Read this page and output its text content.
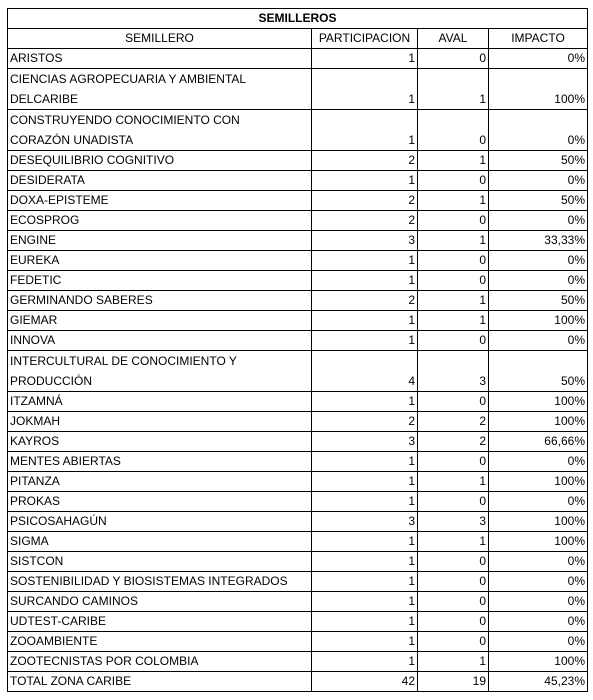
SEMILLEROS			
SEMILLERO	PARTICIPACION	AVAL	IMPACTO
ARISTOS	1	0	0%

CIENCIAS AGROPECUARIA Y AMBIENTAL
DELCARIBE	1	1	100%

CONSTRUYENDO CONOCIMIENTO CON
CORAZÓN UNADISTA	1	0	0%
DESEQUILIBRIO COGNITIVO	2	1	50%
DESIDERATA	1	0	0%
DOXA-EPISTEME	2	1	50%
ECOSPROG	2	0	0%
ENGINE	3	1	33,33%
EUREKA	1	0	0%
FEDETIC	1	0	0%
GERMINANDO SABERES	2	1	50%
GIEMAR	1	1	100%
INNOVA	1	0	0%

INTERCULTURAL DE CONOCIMIENTO Y
PRODUCCIÓN	4	3	50%
ITZAMNÁ	1	0	100%
JOKMAH	2	2	100%
KAYROS	3	2	66,66%
MENTES ABIERTAS	1	0	0%
PITANZA	1	1	100%
PROKAS	1	0	0%
PSICOSAHAGÚN	3	3	100%
SIGMA	1	1	100%
SISTCON	1	0	0%
SOSTENIBILIDAD Y BIOSISTEMAS INTEGRADOS	1	0	0%
SURCANDO CAMINOS	1	0	0%
UDTEST-CARIBE	1	0	0%
ZOOAMBIENTE	1	0	0%
ZOOTECNISTAS POR COLOMBIA	1	1	100%
TOTAL ZONA CARIBE	42	19	45,23%
